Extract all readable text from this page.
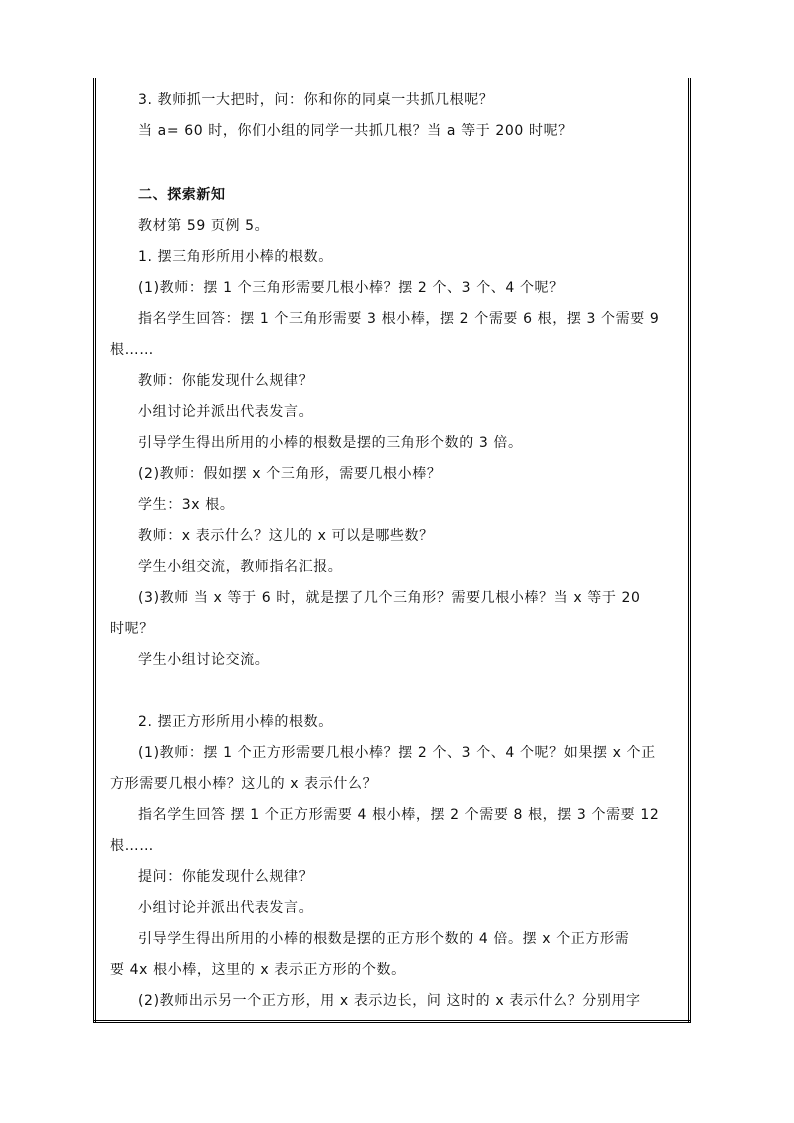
3. 教师抓一大把时，问：你和你的同桌一共抓几根呢？
当 a= 60 时，你们小组的同学一共抓几根？当 a 等于 200 时呢？
二、探索新知
教材第 59 页例 5。
1. 摆三角形所用小棒的根数。
(1)教师：摆 1 个三角形需要几根小棒？摆 2 个、3 个、4 个呢？
指名学生回答：摆 1 个三角形需要 3 根小棒，摆 2 个需要 6 根，摆 3 个需要 9
根……
教师：你能发现什么规律？
小组讨论并派出代表发言。
引导学生得出所用的小棒的根数是摆的三角形个数的 3 倍。
(2)教师：假如摆 x 个三角形，需要几根小棒？
学生：3x 根。
教师：x 表示什么？这儿的 x 可以是哪些数？
学生小组交流，教师指名汇报。
(3)教师 当 x 等于 6 时，就是摆了几个三角形？需要几根小棒？当 x 等于 20
时呢？
学生小组讨论交流。
2. 摆正方形所用小棒的根数。
(1)教师：摆 1 个正方形需要几根小棒？摆 2 个、3 个、4 个呢？如果摆 x 个正
方形需要几根小棒？这儿的 x 表示什么？
指名学生回答 摆 1 个正方形需要 4 根小棒，摆 2 个需要 8 根，摆 3 个需要 12
根……
提问：你能发现什么规律？
小组讨论并派出代表发言。
引导学生得出所用的小棒的根数是摆的正方形个数的 4 倍。摆 x 个正方形需
要 4x 根小棒，这里的 x 表示正方形的个数。
(2)教师出示另一个正方形，用 x 表示边长，问 这时的 x 表示什么？分别用字
